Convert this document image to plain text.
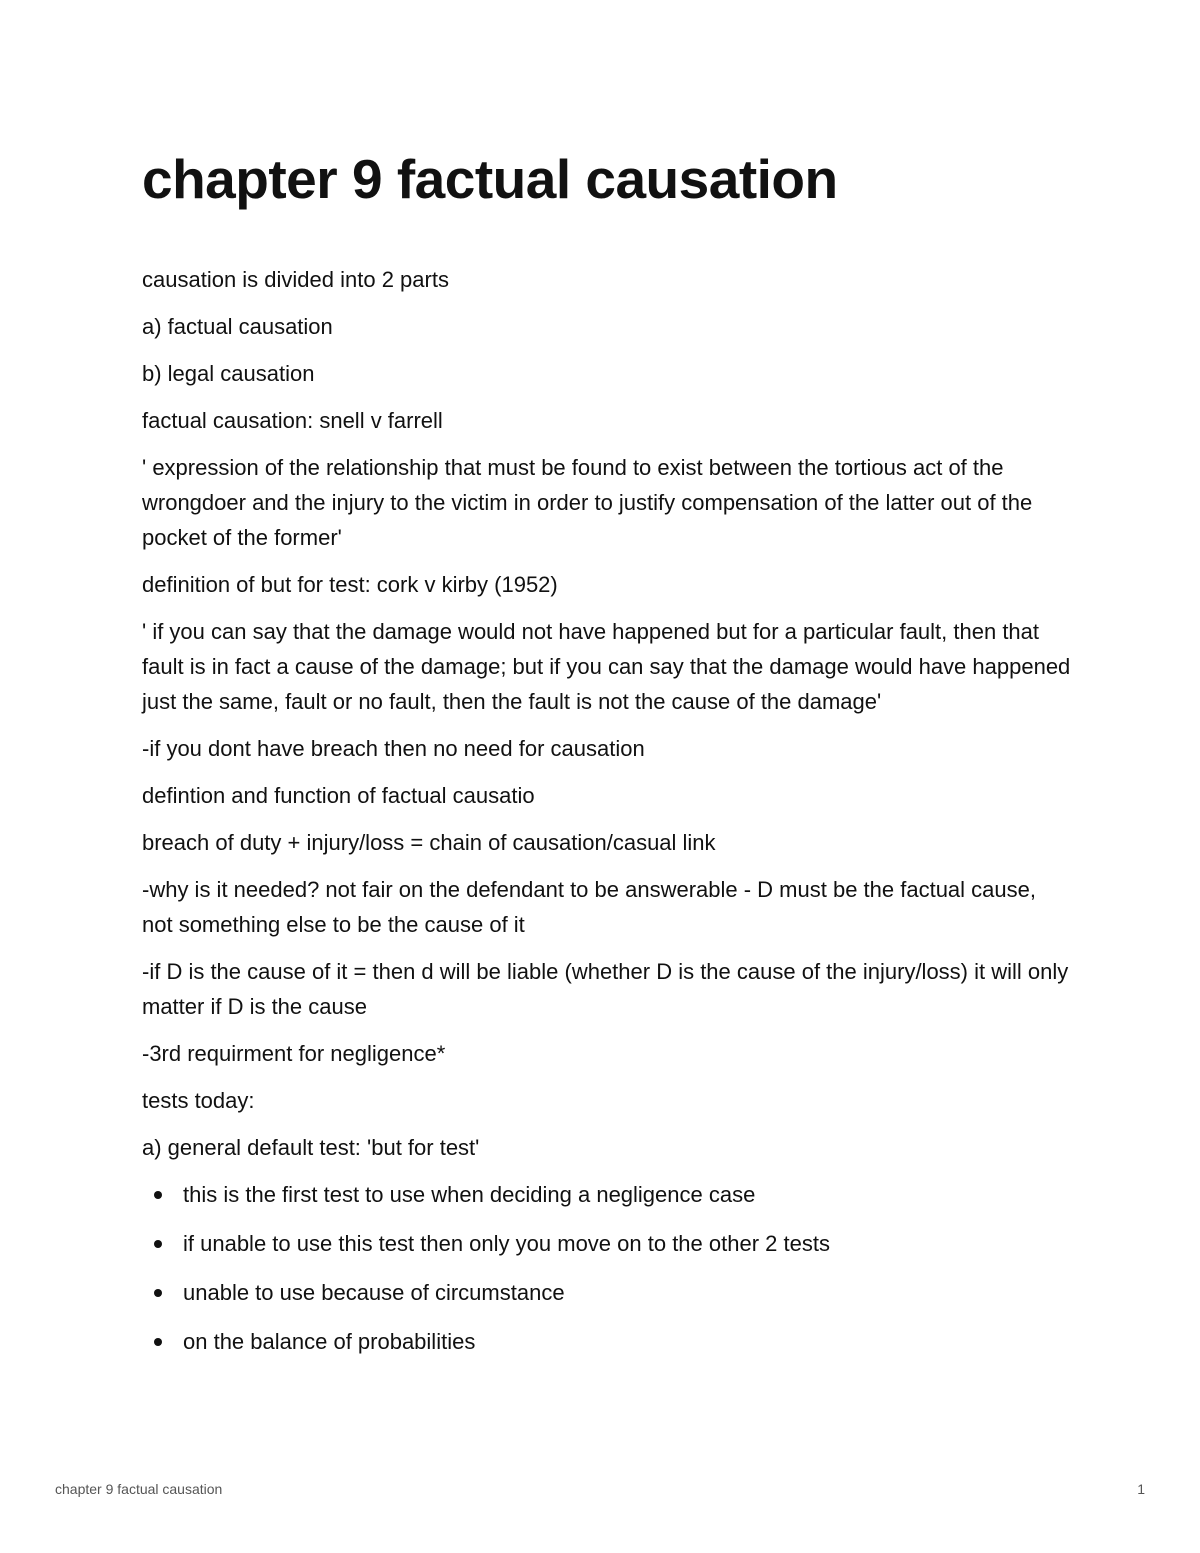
chapter 9 factual causation

causation is divided into 2 parts

a) factual causation

b) legal causation

factual causation: snell v farrell

' expression of the relationship that must be found to exist between the tortious act of the wrongdoer and the injury to the victim in order to justify compensation of the latter out of the pocket of the former'

definition of but for test: cork v kirby (1952)

' if you can say that the damage would not have happened but for a particular fault, then that fault is in fact a cause of the damage; but if you can say that the damage would have happened just the same, fault or no fault, then the fault is not the cause of the damage'

-if you dont have breach then no need for causation

defintion and function of factual causatio

breach of duty + injury/loss = chain of causation/casual link

-why is it needed? not fair on the defendant to be answerable - D must be the factual cause, not something else to be the cause of it

-if D is the cause of it = then d will be liable (whether D is the cause of the injury/loss) it will only matter if D is the cause

-3rd requirment for negligence*

tests today:

a) general default test: 'but for test'

this is the first test to use when deciding a negligence case
if unable to use this test then only you move on to the other 2 tests
unable to use because of circumstance
on the balance of probabilities
chapter 9 factual causation	1
